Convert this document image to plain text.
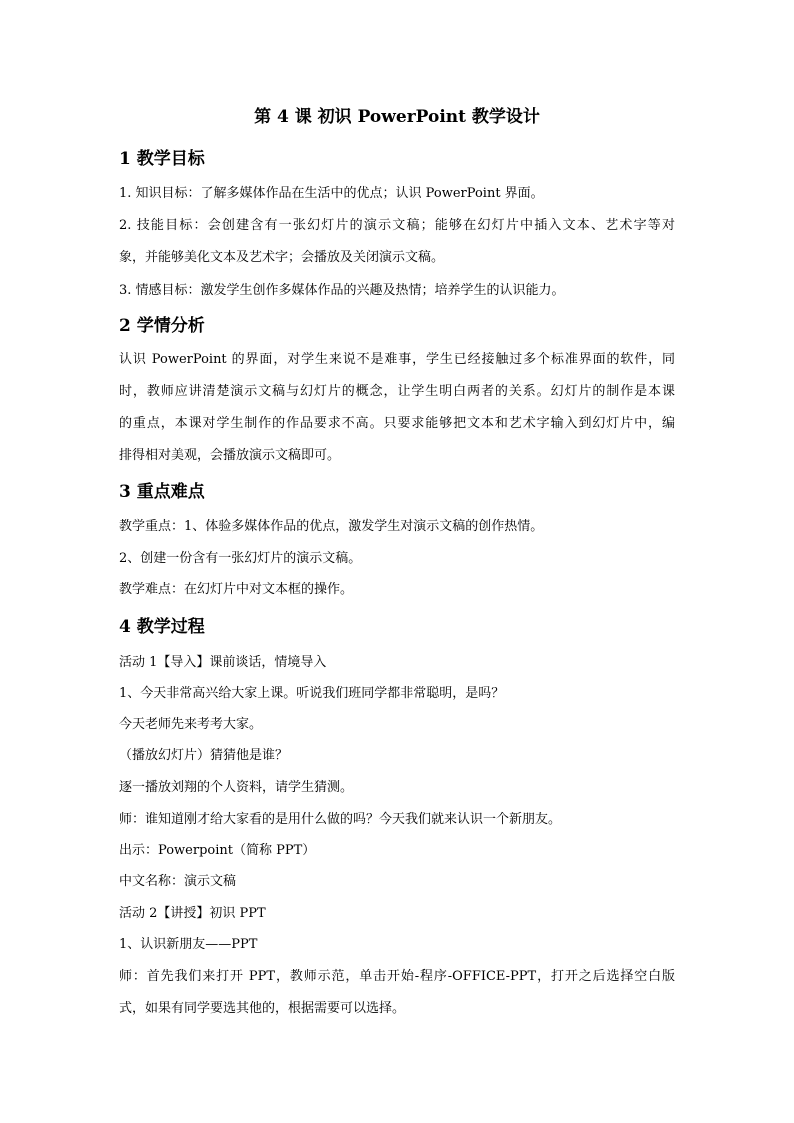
第 4 课 初识 PowerPoint 教学设计
1 教学目标
1. 知识目标：了解多媒体作品在生活中的优点；认识 PowerPoint 界面。
2. 技能目标：会创建含有一张幻灯片的演示文稿；能够在幻灯片中插入文本、艺术字等对
象，并能够美化文本及艺术字；会播放及关闭演示文稿。
3. 情感目标：激发学生创作多媒体作品的兴趣及热情；培养学生的认识能力。
2 学情分析
认识 PowerPoint 的界面，对学生来说不是难事，学生已经接触过多个标准界面的软件，同
时，教师应讲清楚演示文稿与幻灯片的概念，让学生明白两者的关系。幻灯片的制作是本课
的重点，本课对学生制作的作品要求不高。只要求能够把文本和艺术字输入到幻灯片中，编
排得相对美观，会播放演示文稿即可。
3 重点难点
教学重点：1、体验多媒体作品的优点，激发学生对演示文稿的创作热情。
2、创建一份含有一张幻灯片的演示文稿。
教学难点：在幻灯片中对文本框的操作。
4 教学过程
活动 1【导入】课前谈话，情境导入
1、今天非常高兴给大家上课。听说我们班同学都非常聪明，是吗？
今天老师先来考考大家。
（播放幻灯片）猜猜他是谁？
逐一播放刘翔的个人资料，请学生猜测。
师：谁知道刚才给大家看的是用什么做的吗？今天我们就来认识一个新朋友。
出示：Powerpoint（简称 PPT）
中文名称：演示文稿
活动 2【讲授】初识 PPT
1、认识新朋友——PPT
师：首先我们来打开 PPT，教师示范，单击开始-程序-OFFICE-PPT，打开之后选择空白版
式，如果有同学要选其他的，根据需要可以选择。
